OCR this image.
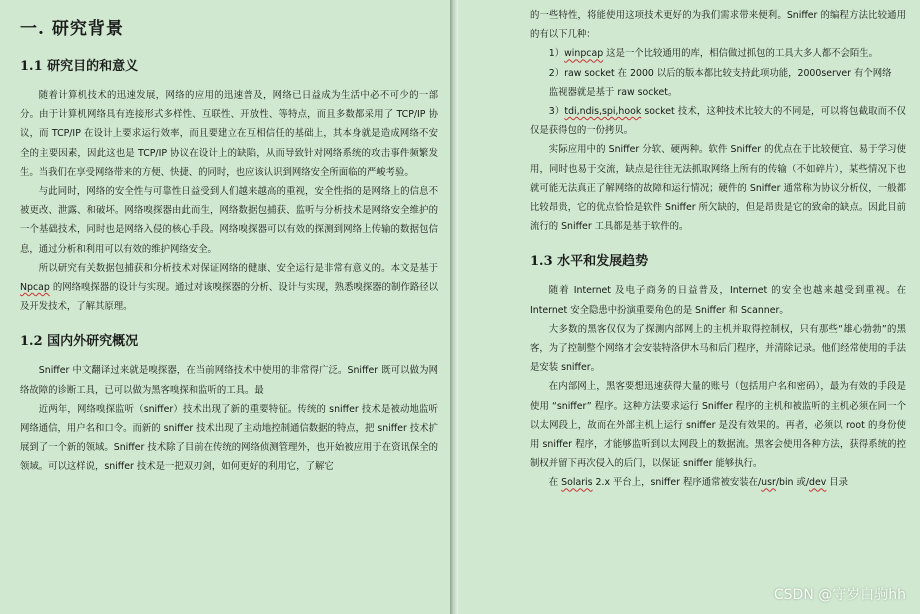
一. 研究背景
1.1 研究目的和意义

随着计算机技术的迅速发展，网络的应用的迅速普及，网络已日益成为生活中必不可少的一部分。由于计算机网络具有连接形式多样性、互联性、开放性、等特点，而且多数都采用了 TCP/IP 协议，而 TCP/IP 在设计上要求运行效率，而且要建立在互相信任的基础上，其本身就是造成网络不安全的主要因素，因此这也是 TCP/IP 协议在设计上的缺陷，从而导致针对网络系统的攻击事件频繁发生。当我们在享受网络带来的方便、快捷、的同时，也应该认识到网络安全所面临的严峻考验。

与此同时，网络的安全性与可靠性日益受到人们越来越高的重视，安全性指的是网络上的信息不被更改、泄露、和破坏。网络嗅探器由此而生，网络数据包捕获、监听与分析技术是网络安全维护的一个基础技术，同时也是网络入侵的核心手段。网络嗅探器可以有效的探测到网络上传输的数据包信息，通过分析和利用可以有效的维护网络安全。

所以研究有关数据包捕获和分析技术对保证网络的健康、安全运行是非常有意义的。本文是基于 Npcap 的网络嗅探器的设计与实现。通过对该嗅探器的分析、设计与实现，熟悉嗅探器的制作路径以及开发技术，了解其原理。

1.2 国内外研究概况

Sniffer 中文翻译过来就是嗅探器，在当前网络技术中使用的非常得广泛。Sniffer 既可以做为网络故障的诊断工具，已可以做为黑客嗅探和监听的工具。最

近两年，网络嗅探监听（sniffer）技术出现了新的重要特征。传统的 sniffer 技术是被动地监听网络通信，用户名和口令。而新的 sniffer 技术出现了主动地控制通信数据的特点，把 sniffer 技术扩展到了一个新的领域。Sniffer 技术除了目前在传统的网络侦测管理外，也开始被应用于在资讯保全的领域。可以这样说，sniffer 技术是一把双刃剑，如何更好的利用它，了解它

的一些特性，将能使用这项技术更好的为我们需求带来便利。Sniffer 的编程方法比较通用的有以下几种：

1）winpcap 这是一个比较通用的库，相信做过抓包的工具大多人都不会陌生。

2）raw socket 在 2000 以后的版本都比较支持此项功能，2000server 有个网络

监视器就是基于 raw socket。

3）tdi,ndis,spi,hook socket 技术，这种技术比较大的不同是，可以将包截取而不仅仅是获得包的一份拷贝。

实际应用中的 Sniffer 分软、硬两种。软件 Sniffer 的优点在于比较便宜、易于学习使用，同时也易于交流，缺点是往往无法抓取网络上所有的传输（不如碎片），某些情况下也就可能无法真正了解网络的故障和运行情况；硬件的 Sniffer 通常称为协议分析仪，一般都比较昂贵，它的优点恰恰是软件 Sniffer 所欠缺的，但是昂贵是它的致命的缺点。因此目前流行的 Sniffer 工具都是基于软件的。

1.3 水平和发展趋势

随着 Internet 及电子商务的日益普及，Internet 的安全也越来越受到重视。在 Internet 安全隐患中扮演重要角色的是 Sniffer 和 Scanner。

大多数的黑客仅仅为了探测内部网上的主机并取得控制权，只有那些“雄心勃勃”的黑客，为了控制整个网络才会安装特洛伊木马和后门程序，并清除记录。他们经常使用的手法是安装 sniffer。

在内部网上，黑客要想迅速获得大量的账号（包括用户名和密码），最为有效的手段是使用 “sniffer” 程序。这种方法要求运行 Sniffer 程序的主机和被监听的主机必须在同一个以太网段上，故而在外部主机上运行 sniffer 是没有效果的。再者，必须以 root 的身份使用 sniffer 程序，才能够监听到以太网段上的数据流。黑客会使用各种方法，获得系统的控制权并留下再次侵入的后门，以保证 sniffer 能够执行。

在 Solaris 2.x 平台上，sniffer 程序通常被安装在/usr/bin 或/dev 目录

CSDN @守岁白驹hh
